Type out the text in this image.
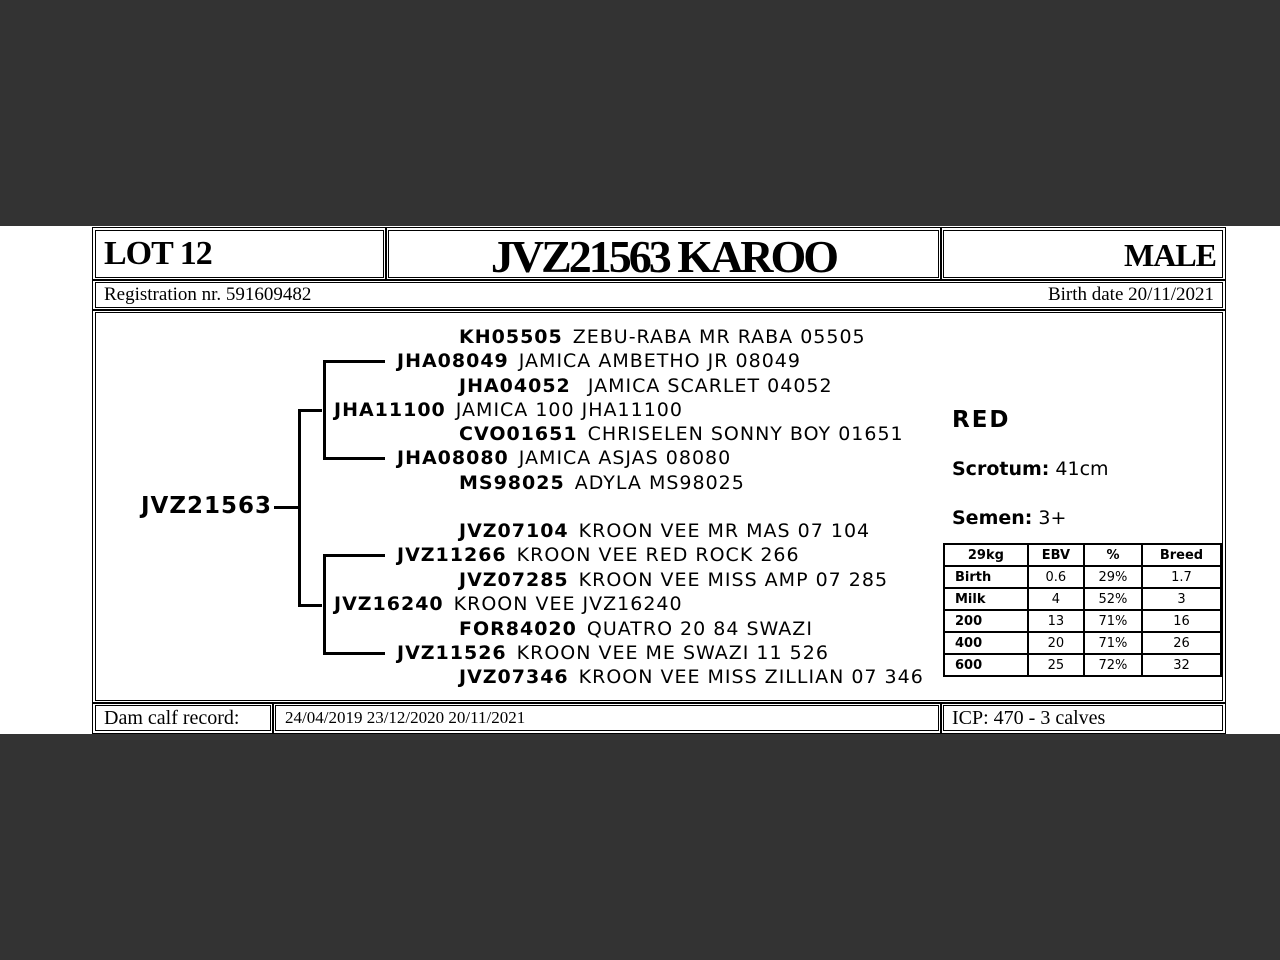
LOT 12	JVZ21563 KAROO	MALE
Registration nr. 591609482	Birth date 20/11/2021
JVZ21563
KH05505 ZEBU-RABA MR RABA 05505
JHA08049 JAMICA AMBETHO JR 08049
JHA04052 JAMICA SCARLET 04052
JHA11100 JAMICA 100 JHA11100
CVO01651 CHRISELEN SONNY BOY 01651
JHA08080 JAMICA ASJAS 08080
MS98025 ADYLA MS98025
JVZ07104 KROON VEE MR MAS 07 104
JVZ11266 KROON VEE RED ROCK 266
JVZ07285 KROON VEE MISS AMP 07 285
JVZ16240 KROON VEE JVZ16240
FOR84020 QUATRO 20 84 SWAZI
JVZ11526 KROON VEE ME SWAZI 11 526
JVZ07346 KROON VEE MISS ZILLIAN 07 346
RED
Scrotum: 41cm
Semen: 3+
29kg	EBV	%	Breed
Birth	0.6	29%	1.7
Milk	4	52%	3
200	13	71%	16
400	20	71%	26
600	25	72%	32
Dam calf record:	24/04/2019 23/12/2020 20/11/2021	ICP: 470 - 3 calves
